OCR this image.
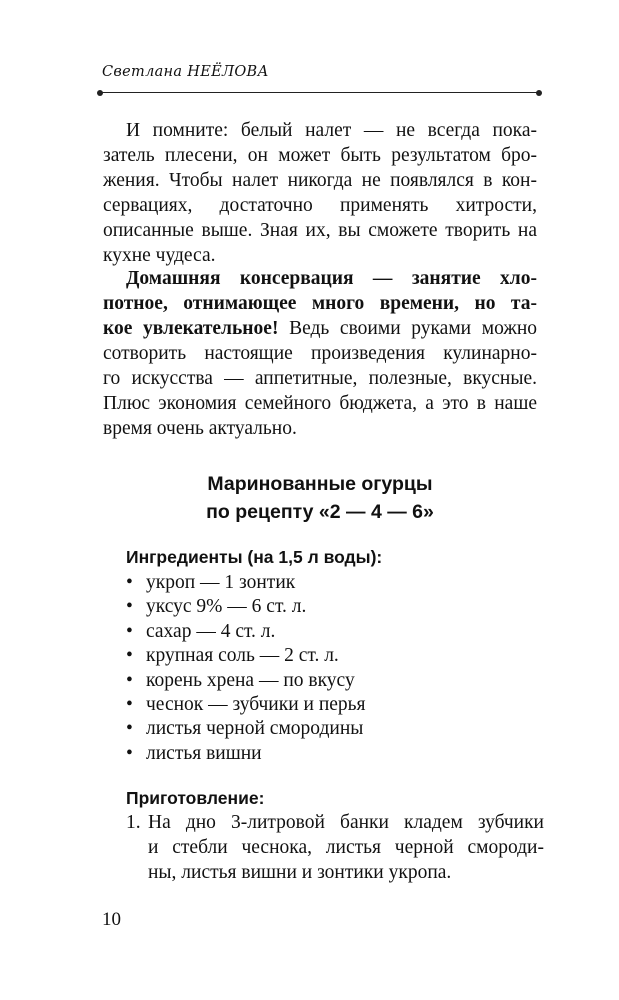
Светлана НЕЁЛОВА
И помните: белый налет — не всегда пока-
затель плесени, он может быть результатом бро-
жения. Чтобы налет никогда не появлялся в кон-
сервациях, достаточно применять хитрости,
описанные выше. Зная их, вы сможете творить на
кухне чудеса.
Домашняя консервация — занятие хло-
потное, отнимающее много времени, но та-
кое увлекательное! Ведь своими руками можно
сотворить настоящие произведения кулинарно-
го искусства — аппетитные, полезные, вкусные.
Плюс экономия семейного бюджета, а это в наше
время очень актуально.
Маринованные огурцы
по рецепту «2 — 4 — 6»
Ингредиенты (на 1,5 л воды):
• укроп — 1 зонтик
• уксус 9% — 6 ст. л.
• сахар — 4 ст. л.
• крупная соль — 2 ст. л.
• корень хрена — по вкусу
• чеснок — зубчики и перья
• листья черной смородины
• листья вишни
Приготовление:
1. На дно 3-литровой банки кладем зубчики
и стебли чеснока, листья черной смороди-
ны, листья вишни и зонтики укропа.
10
